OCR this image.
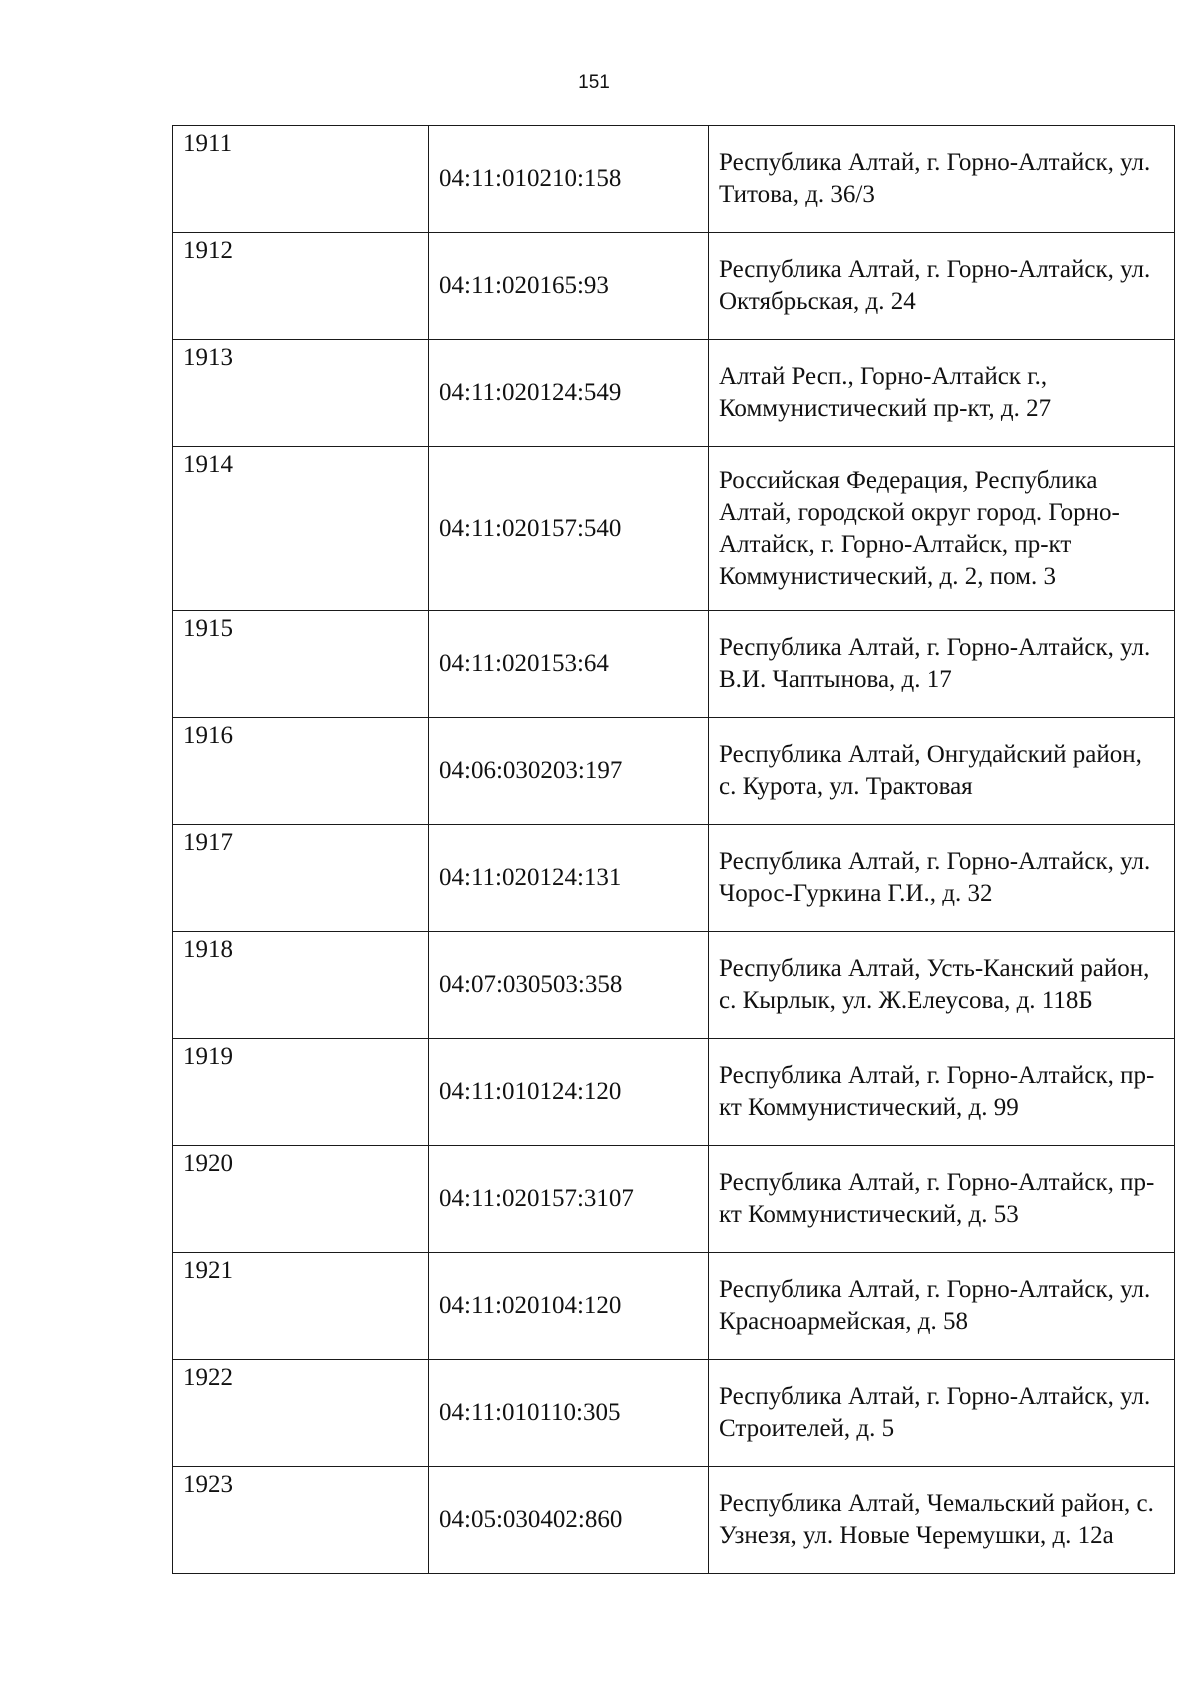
151
1911	04:11:010210:158	Республика Алтай, г. Горно-Алтайск, ул. Титова, д. 36/3
1912	04:11:020165:93	Республика Алтай, г. Горно-Алтайск, ул. Октябрьская, д. 24
1913	04:11:020124:549	Алтай Респ., Горно-Алтайск г., Коммунистический пр-кт, д. 27
1914	04:11:020157:540	Российская Федерация, Республика Алтай, городской округ город. Горно-Алтайск, г. Горно-Алтайск, пр-кт Коммунистический, д. 2, пом. 3
1915	04:11:020153:64	Республика Алтай, г. Горно-Алтайск, ул. В.И. Чаптынова, д. 17
1916	04:06:030203:197	Республика Алтай, Онгудайский район, с. Курота, ул. Трактовая
1917	04:11:020124:131	Республика Алтай, г. Горно-Алтайск, ул. Чорос-Гуркина Г.И., д. 32
1918	04:07:030503:358	Республика Алтай, Усть-Канский район, с. Кырлык, ул. Ж.Елеусова, д. 118Б
1919	04:11:010124:120	Республика Алтай, г. Горно-Алтайск, пр-кт Коммунистический, д. 99
1920	04:11:020157:3107	Республика Алтай, г. Горно-Алтайск, пр-кт Коммунистический, д. 53
1921	04:11:020104:120	Республика Алтай, г. Горно-Алтайск, ул. Красноармейская, д. 58
1922	04:11:010110:305	Республика Алтай, г. Горно-Алтайск, ул. Строителей, д. 5
1923	04:05:030402:860	Республика Алтай, Чемальский район, с. Узнезя, ул. Новые Черемушки, д. 12а
